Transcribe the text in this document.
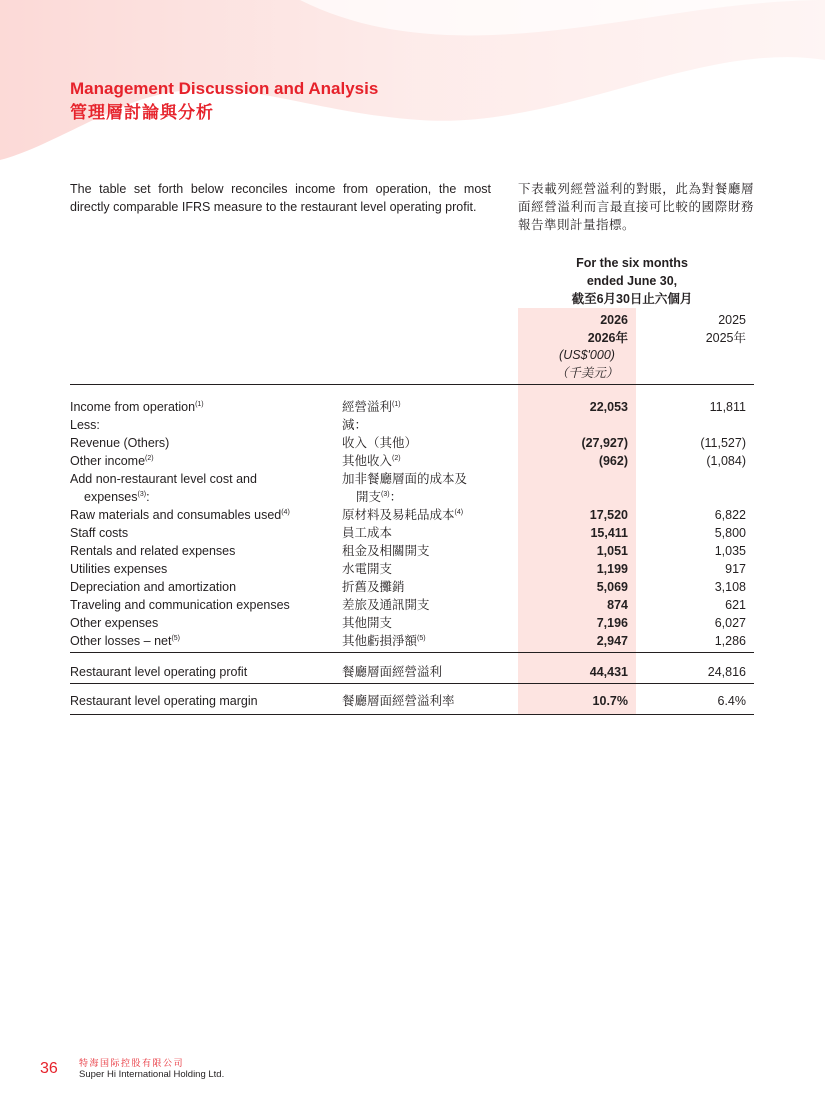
Management Discussion and Analysis
管理層討論與分析
The table set forth below reconciles income from operation, the most directly comparable IFRS measure to the restaurant level operating profit.
下表載列經營溢利的對賬，此為對餐廳層面經營溢利而言最直接可比較的國際財務報告準則計量指標。
For the six months
ended June 30,
截至6月30日止六個月
2026
2026年
2025
2025年
(US$'000)
（千美元）
Income from operation$^{(1)}$	經營溢利$^{(1)}$	22,053	11,811
Less:	減：
Revenue (Others)	收入（其他）	(27,927)	(11,527)
Other income$^{(2)}$	其他收入$^{(2)}$	(962)	(1,084)
Add non-restaurant level cost and
expenses$^{(3)}$:
加非餐廳層面的成本及
開支$^{(3)}$：
Raw materials and consumables used$^{(4)}$	原材料及易耗品成本$^{(4)}$	17,520	6,822
Staff costs	員工成本	15,411	5,800
Rentals and related expenses	租金及相關開支	1,051	1,035
Utilities expenses	水電開支	1,199	917
Depreciation and amortization	折舊及攤銷	5,069	3,108
Traveling and communication expenses	差旅及通訊開支	874	621
Other expenses	其他開支	7,196	6,027
Other losses – net$^{(5)}$	其他虧損淨額$^{(5)}$	2,947	1,286
Restaurant level operating profit	餐廳層面經營溢利	44,431	24,816
Restaurant level operating margin	餐廳層面經營溢利率	10.7%	6.4%
36 特海国际控股有限公司
Super Hi International Holding Ltd.
